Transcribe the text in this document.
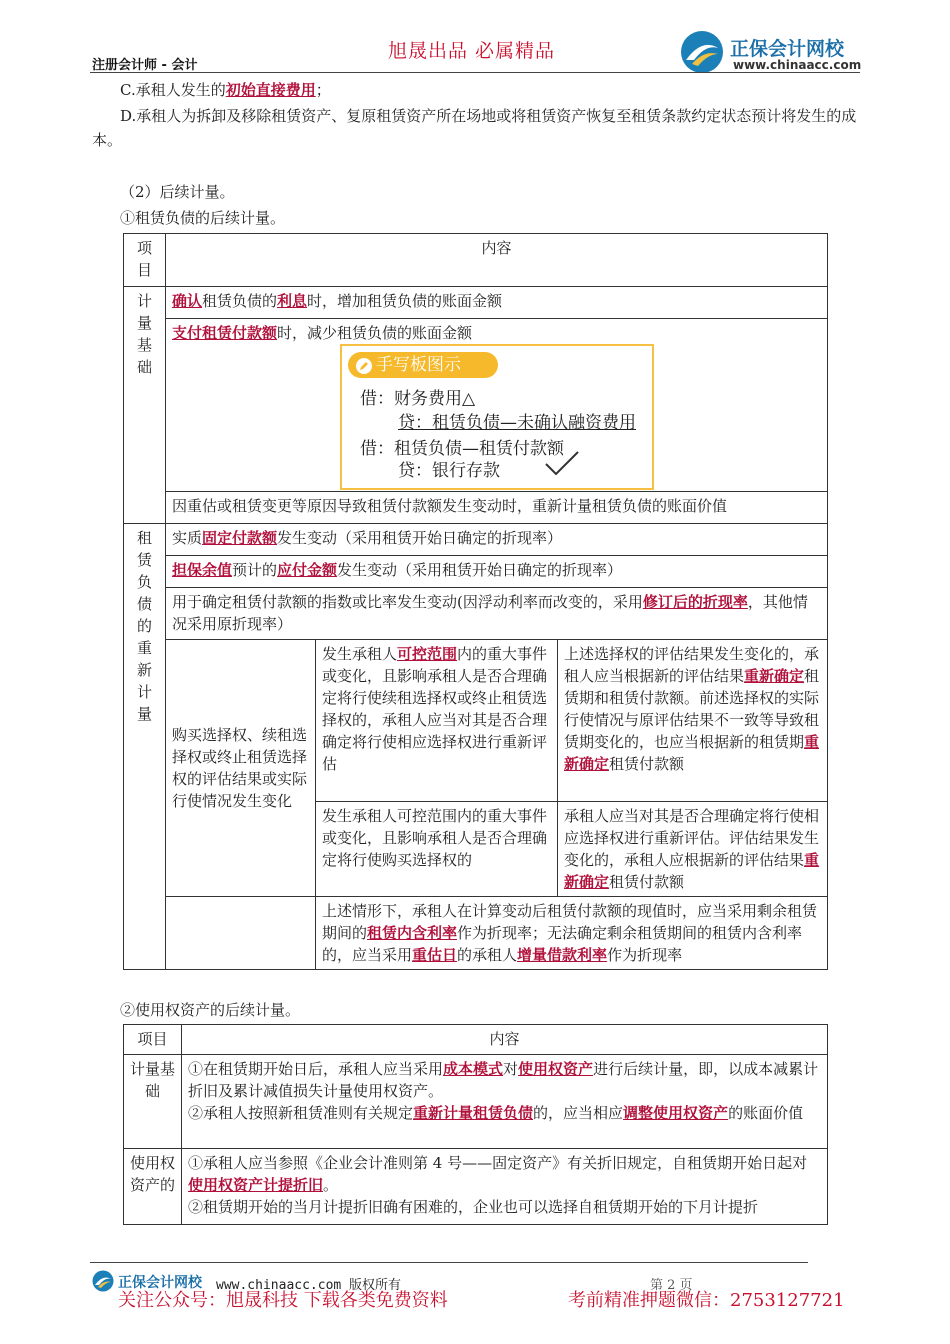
旭晟出品 必属精品
注册会计师 - 会计
正保会计网校
www.chinaacc.com
C.承租人发生的初始直接费用；
D.承租人为拆卸及移除租赁资产、复原租赁资产所在场地或将租赁资产恢复至租赁条款约定状态预计将发生的成本。
（2）后续计量。
①租赁负债的后续计量。
项目	内容		
计量基础	确认租赁负债的利息时，增加租赁负债的账面金额		
	支付租赁付款额时，减少租赁负债的账面金额		
	因重估或租赁变更等原因导致租赁付款额发生变动时，重新计量租赁负债的账面价值		
租赁负债的重新计量	实质固定付款额发生变动（采用租赁开始日确定的折现率）		
	担保余值预计的应付金额发生变动（采用租赁开始日确定的折现率）		
	用于确定租赁付款额的指数或比率发生变动(因浮动利率而改变的，采用修订后的折现率，其他情况采用原折现率）		
	购买选择权、续租选择权或终止租赁选择权的评估结果或实际行使情况发生变化	发生承租人可控范围内的重大事件或变化，且影响承租人是否合理确定将行使续租选择权或终止租赁选择权的，承租人应当对其是否合理确定将行使相应选择权进行重新评估	上述选择权的评估结果发生变化的，承租人应当根据新的评估结果重新确定租赁期和租赁付款额。前述选择权的实际行使情况与原评估结果不一致等导致租赁期变化的，也应当根据新的租赁期重新确定租赁付款额
		发生承租人可控范围内的重大事件或变化，且影响承租人是否合理确定将行使购买选择权的	承租人应当对其是否合理确定将行使相应选择权进行重新评估。评估结果发生变化的，承租人应根据新的评估结果重新确定租赁付款额
		上述情形下，承租人在计算变动后租赁付款额的现值时，应当采用剩余租赁期间的租赁内含利率作为折现率；无法确定剩余租赁期间的租赁内含利率的，应当采用重估日的承租人增量借款利率作为折现率	
手写板图示
借：财务费用△
贷：租赁负债—未确认融资费用
借：租赁负债—租赁付款额
贷：银行存款
②使用权资产的后续计量。
项目	内容
计量基础	①在租赁期开始日后，承租人应当采用成本模式对使用权资产进行后续计量，即，以成本减累计折旧及累计减值损失计量使用权资产。
②承租人按照新租赁准则有关规定重新计量租赁负债的，应当相应调整使用权资产的账面价值

使用权资产的	①承租人应当参照《企业会计准则第 4 号——固定资产》有关折旧规定，自租赁期开始日起对使用权资产计提折旧。
②租赁期开始的当月计提折旧确有困难的，企业也可以选择自租赁期开始的下月计提折
正保会计网校 www.chinaacc.com 版权所有	第 2 页
关注公众号：旭晟科技 下载各类免费资料	考前精准押题微信：2753127721
